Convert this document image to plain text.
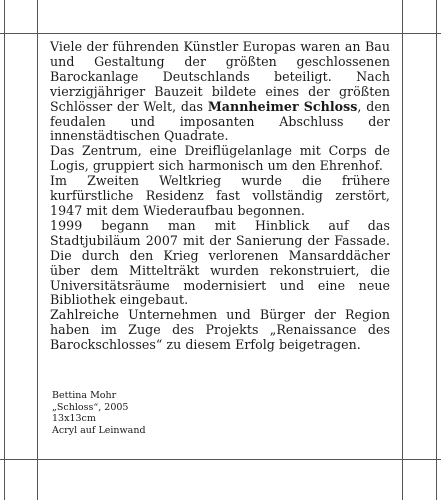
Viele der führenden Künstler Europas waren an Bau und Gestaltung der größten geschlossenen Barockanlage Deutschlands beteiligt. Nach vierzigjähriger Bauzeit bildete eines der größten Schlösser der Welt, das Mannheimer Schloss, den feudalen und imposanten Abschluss der innenstädtischen Quadrate.

Das Zentrum, eine Dreiflügelanlage mit Corps de Logis, gruppiert sich harmonisch um den Ehrenhof.

Im Zweiten Weltkrieg wurde die frühere kurfürstliche Residenz fast vollständig zerstört, 1947 mit dem Wiederaufbau begonnen.

1999 begann man mit Hinblick auf das Stadtjubiläum 2007 mit der Sanierung der Fassade. Die durch den Krieg verlorenen Mansarddächer über dem Mittelträkt wurden rekonstruiert, die Universitätsräume modernisiert und eine neue Bibliothek eingebaut.

Zahlreiche Unternehmen und Bürger der Region haben im Zuge des Projekts „Renaissance des Barockschlosses“ zu diesem Erfolg beigetragen.

Bettina Mohr
„Schloss“, 2005
13x13cm
Acryl auf Leinwand
